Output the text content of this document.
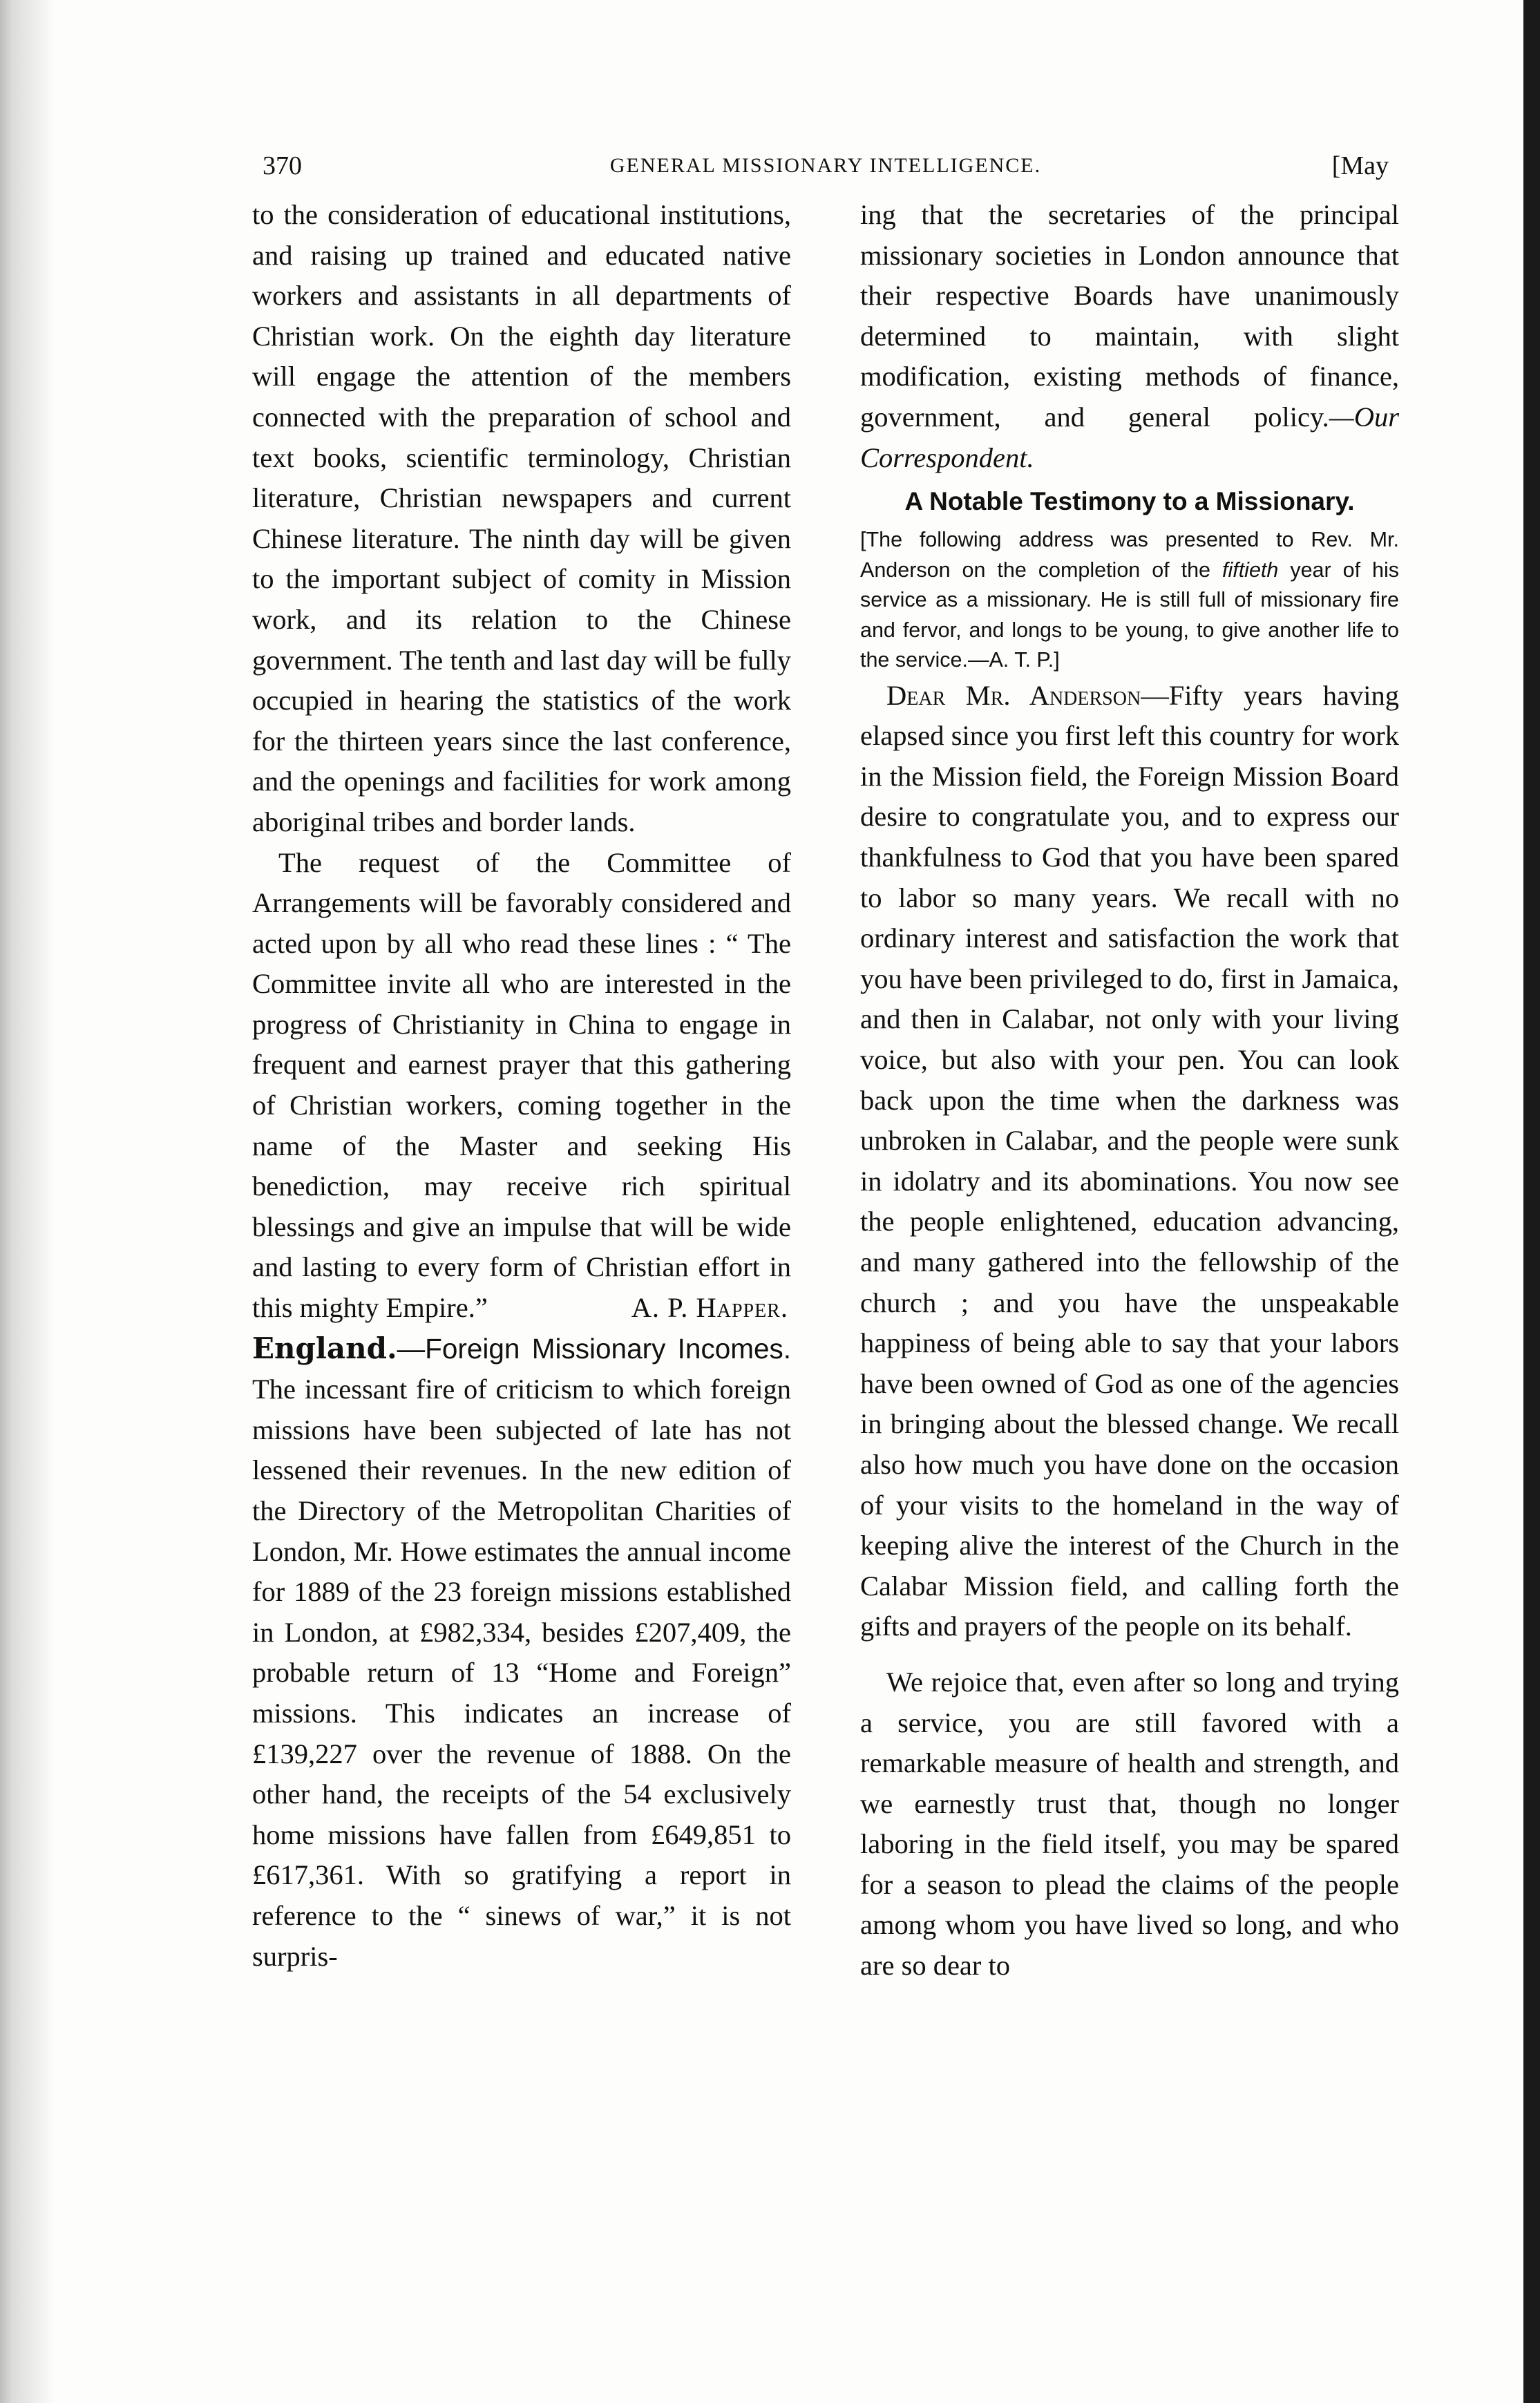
370	GENERAL MISSIONARY INTELLIGENCE.	[May

to the consideration of educational institutions, and raising up trained and educated native workers and assistants in all departments of Christian work. On the eighth day literature will engage the attention of the members connected with the preparation of school and text books, scientific terminology, Christian literature, Christian newspapers and current Chinese literature. The ninth day will be given to the important subject of comity in Mission work, and its relation to the Chinese government. The tenth and last day will be fully occupied in hearing the statistics of the work for the thirteen years since the last conference, and the openings and facilities for work among aboriginal tribes and border lands.

The request of the Committee of Arrangements will be favorably considered and acted upon by all who read these lines : “ The Committee invite all who are interested in the progress of Christianity in China to engage in frequent and earnest prayer that this gathering of Christian workers, coming together in the name of the Master and seeking His benediction, may receive rich spiritual blessings and give an impulse that will be wide and lasting to every form of Christian effort in this mighty Empire.”	A. P. Happer.

England.—Foreign Missionary Incomes. The incessant fire of criticism to which foreign missions have been subjected of late has not lessened their revenues. In the new edition of the Directory of the Metropolitan Charities of London, Mr. Howe estimates the annual income for 1889 of the 23 foreign missions established in London, at £982,334, besides £207,409, the probable return of 13 “Home and Foreign” missions. This indicates an increase of £139,227 over the revenue of 1888. On the other hand, the receipts of the 54 exclusively home missions have fallen from £649,851 to £617,361. With so gratifying a report in reference to the “ sinews of war,” it is not surpris-

ing that the secretaries of the principal missionary societies in London announce that their respective Boards have unanimously determined to maintain, with slight modification, existing methods of finance, government, and general policy.—Our Correspondent.

A Notable Testimony to a Missionary.

[The following address was presented to Rev. Mr. Anderson on the completion of the fiftieth year of his service as a missionary. He is still full of missionary fire and fervor, and longs to be young, to give another life to the service.—A. T. P.]

Dear Mr. Anderson—Fifty years having elapsed since you first left this country for work in the Mission field, the Foreign Mission Board desire to congratulate you, and to express our thankfulness to God that you have been spared to labor so many years. We recall with no ordinary interest and satisfaction the work that you have been privileged to do, first in Jamaica, and then in Calabar, not only with your living voice, but also with your pen. You can look back upon the time when the darkness was unbroken in Calabar, and the people were sunk in idolatry and its abominations. You now see the people enlightened, education advancing, and many gathered into the fellowship of the church ; and you have the unspeakable happiness of being able to say that your labors have been owned of God as one of the agencies in bringing about the blessed change. We recall also how much you have done on the occasion of your visits to the homeland in the way of keeping alive the interest of the Church in the Calabar Mission field, and calling forth the gifts and prayers of the people on its behalf.

We rejoice that, even after so long and trying a service, you are still favored with a remarkable measure of health and strength, and we earnestly trust that, though no longer laboring in the field itself, you may be spared for a season to plead the claims of the people among whom you have lived so long, and who are so dear to
